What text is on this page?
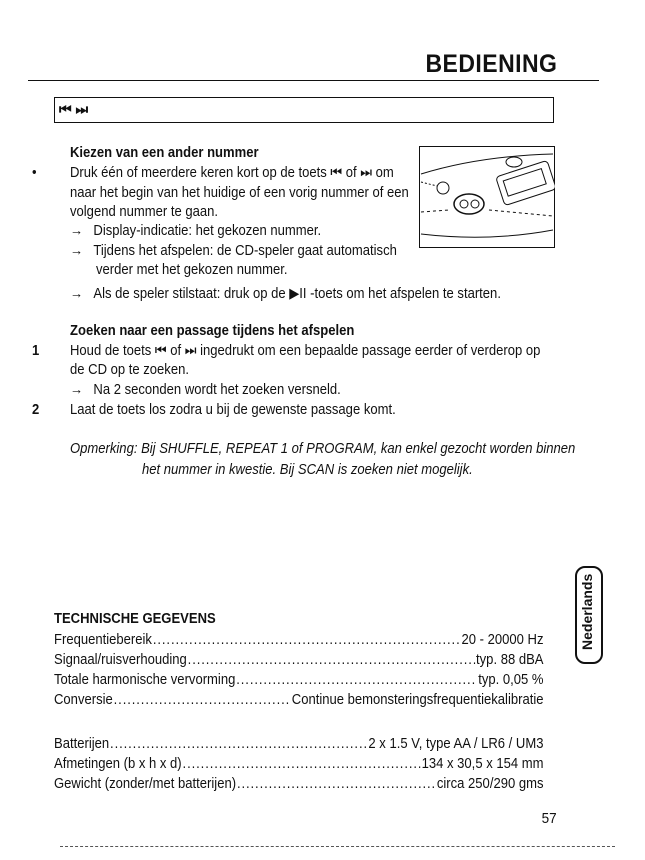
BEDIENING
⏮ ⏭
Kiezen van een ander nummer
• Druk één of meerdere keren kort op de toets ⏮ of ⏭ om
naar het begin van het huidige of een vorig nummer of een
volgend nummer te gaan.
→ Display-indicatie: het gekozen nummer.
→ Tijdens het afspelen: de CD-speler gaat automatisch
verder met het gekozen nummer.
→ Als de speler stilstaat: druk op de ▶II -toets om het afspelen te starten.
Zoeken naar een passage tijdens het afspelen
1 Houd de toets ⏮ of ⏭ ingedrukt om een bepaalde passage eerder of verderop op
de CD op te zoeken.
→ Na 2 seconden wordt het zoeken versneld.
2 Laat de toets los zodra u bij de gewenste passage komt.
Opmerking: Bij SHUFFLE, REPEAT 1 of PROGRAM, kan enkel gezocht worden binnen
het nummer in kwestie. Bij SCAN is zoeken niet mogelijk.
Nederlands
TECHNISCHE GEGEVENS
Frequentiebereik .....	20 - 20000 Hz
Signaal/ruisverhouding .....	typ. 88 dBA
Totale harmonische vervorming .....	typ. 0,05 %
Conversie .....	Continue bemonsteringsfrequentiekalibratie
Batterijen .....	2 x 1.5 V, type AA / LR6 / UM3
Afmetingen (b x h x d) .....	134 x 30,5 x 154 mm
Gewicht (zonder/met batterijen) .....	circa 250/290 gms
57
